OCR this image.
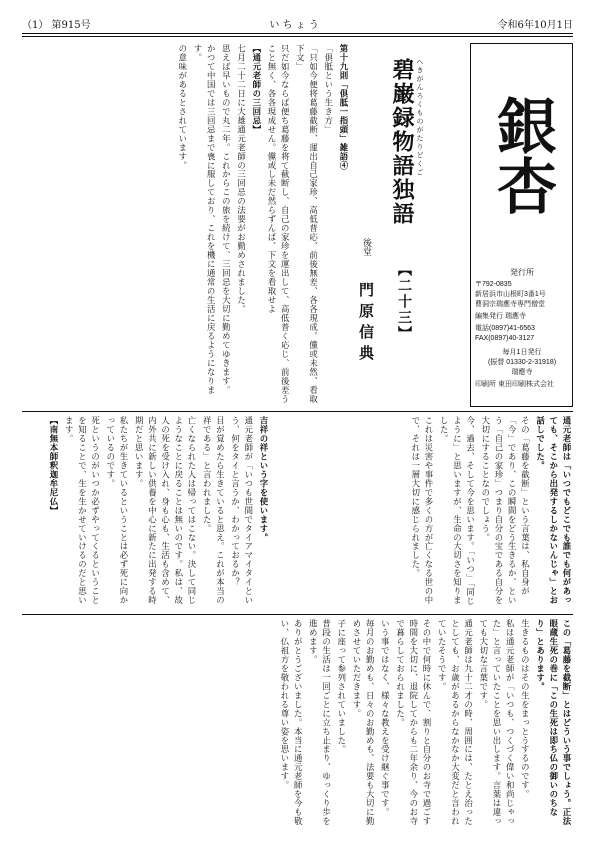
（1） 第915号	い ち ょ う	令和6年10月1日
銀杏
発行所
〒792-0835
新居浜市山根町3番1号
曹洞宗瑞應寺専門僧堂
編集発行 瑞應寺
電話(0897)41-6563
FAX(0897)40-3127
毎月1日発行
(振替 01330-2-31918)
瑞應寺
印刷所 東田印刷株式会社
へきがんろくものがたりどくご
碧巌録物語独語
【二十三】
後堂
門原信典
第十九則「俱胝一指頭」雑語④
「俱胝という生き方」
「只如今便将葛藤截断、運出自己家珍、高低普応、前後無差、各各現成。儻或未然、看取下文」
只だ如今ならば便ち葛藤を将て截断し、自己の家珍を運出して、高低普く応じ、前後差うこと無く、各各現成せん。儻或し未だ然らずんば、下文を看取せよ
【通元老師の三回忌】
七月二十二日に大雄通元老師の三回忌の法要がお勤めされました。
思えば早いもので丸二年。これからこの旅を続けて、三回忌を大切に勤めてゆきます。
かつて中国では三回忌まで喪に服しており、これを機に通常の生活に戻るようになります。
の意味があるとされています。
吉祥の祥という字を使います。
通元老師が「いつも世間でタイアマイタイという、何をタイと言うか、わかっておるか？
目が覚めたら生きていると思え。これが本当の祥である」と言われました。
亡くなられた人は帰ってはこない。決して同じようなことに戻ることは無いのです。私は、故人の死を受け入れ、身も心も、生活も含めて、内外共に新しい供養を中心に新たに出発する時期だと思います。
私たちが生きているということは必ず死に向かっているのです。
死というのがいつか必ずやってくるということを知ることで、生を生かせていけるのだと思います。
【南無本師釈迦牟尼仏】	通元老師は「いつでもどこでも誰でも何があっても、そこから出発するしかないんじゃ」とお話しでした。
その「葛藤を截断」という言葉は、私自身が「今」であり、この瞬間をどう生きるか、という「自己の家珍」つまり自分の宝である自分を大切にすることなのでしょう。
今、過去、そして今を思います。「いつ」「同じように」と思いますが、生命の大切さを知りました。
これは災害や事件で多くの方が亡くなる世の中で、それは一層大切に感じられました。
この「葛藤を截断」とはどういう事でしょう。正法眼蔵生死の巻に「この生死は即ち仏の御いのちなり」とあります。
生きるものはその生をまっとうするのです。
私は通元老師が「いつも、つくづく偉い和尚じゃった」と言っていたことを思い出します。言葉は違っても大切な言葉です。
通元老師は九十二才の時、周囲には、たとえ治ったとしても、お歳があるからなかなか大変だと言われていたそうです。
その中で何時に休んで、割りと自分のお寺で過ごす時間を大切に、退院してからも二年余り、今のお寺で暮らしておられました。
いう事ではなく、様々な教えを受け継ぐ事です。
毎月のお勤めも、日々のお勤めも、法要も大切に勤めさせていただきます。
子に座って参列されていました。
普段の生活は一回ごとに立ち止まり、ゆっくり歩を進めます。
ありがとうございました。本当に通元老師を今も敬い、仏祖方を敬われる尊い姿を思います。
